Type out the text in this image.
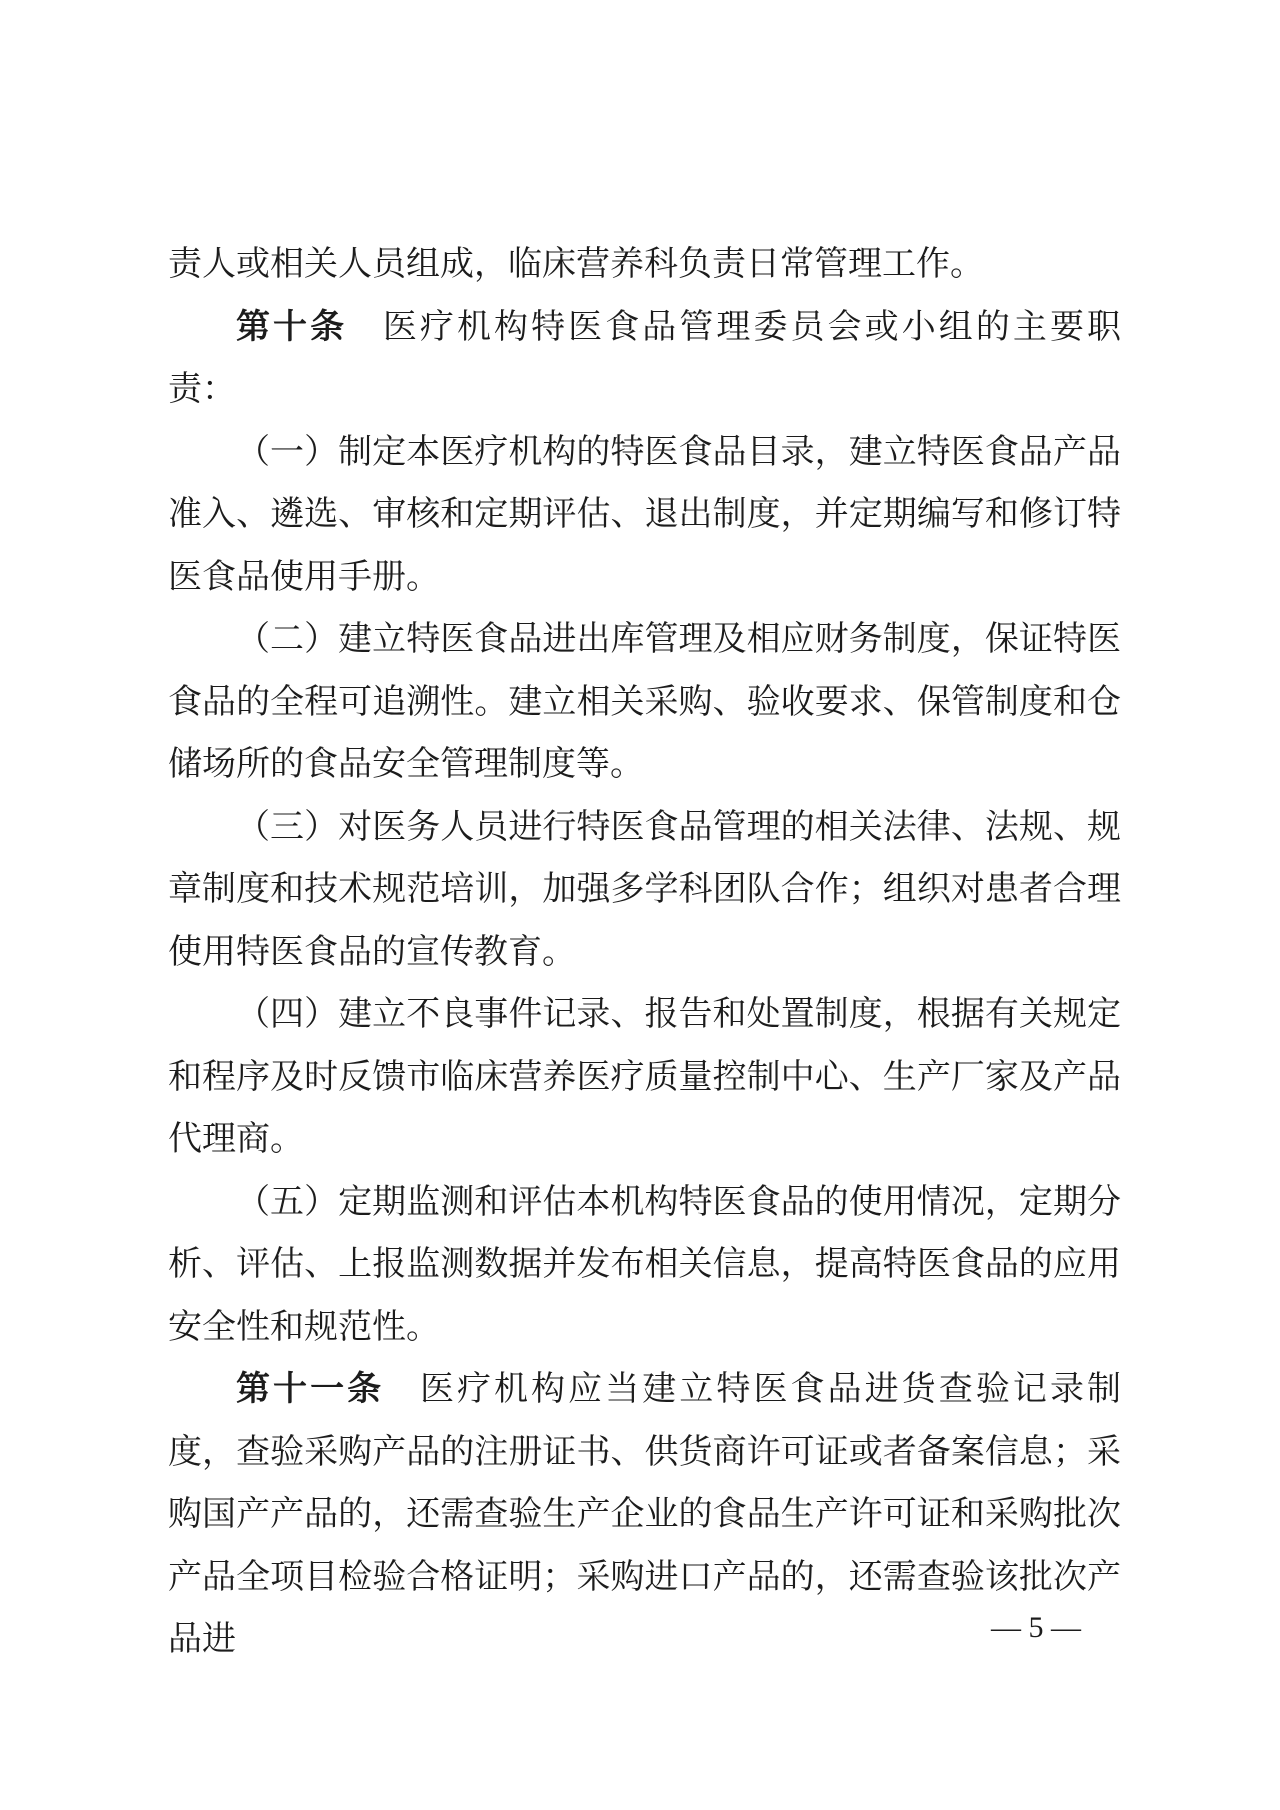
责人或相关人员组成，临床营养科负责日常管理工作。

第十条 医疗机构特医食品管理委员会或小组的主要职责：

（一）制定本医疗机构的特医食品目录，建立特医食品产品准入、遴选、审核和定期评估、退出制度，并定期编写和修订特医食品使用手册。

（二）建立特医食品进出库管理及相应财务制度，保证特医食品的全程可追溯性。建立相关采购、验收要求、保管制度和仓储场所的食品安全管理制度等。

（三）对医务人员进行特医食品管理的相关法律、法规、规章制度和技术规范培训，加强多学科团队合作；组织对患者合理使用特医食品的宣传教育。

（四）建立不良事件记录、报告和处置制度，根据有关规定和程序及时反馈市临床营养医疗质量控制中心、生产厂家及产品代理商。

（五）定期监测和评估本机构特医食品的使用情况，定期分析、评估、上报监测数据并发布相关信息，提高特医食品的应用安全性和规范性。

第十一条 医疗机构应当建立特医食品进货查验记录制度，查验采购产品的注册证书、供货商许可证或者备案信息；采购国产产品的，还需查验生产企业的食品生产许可证和采购批次产品全项目检验合格证明；采购进口产品的，还需查验该批次产品进	— 5 —
